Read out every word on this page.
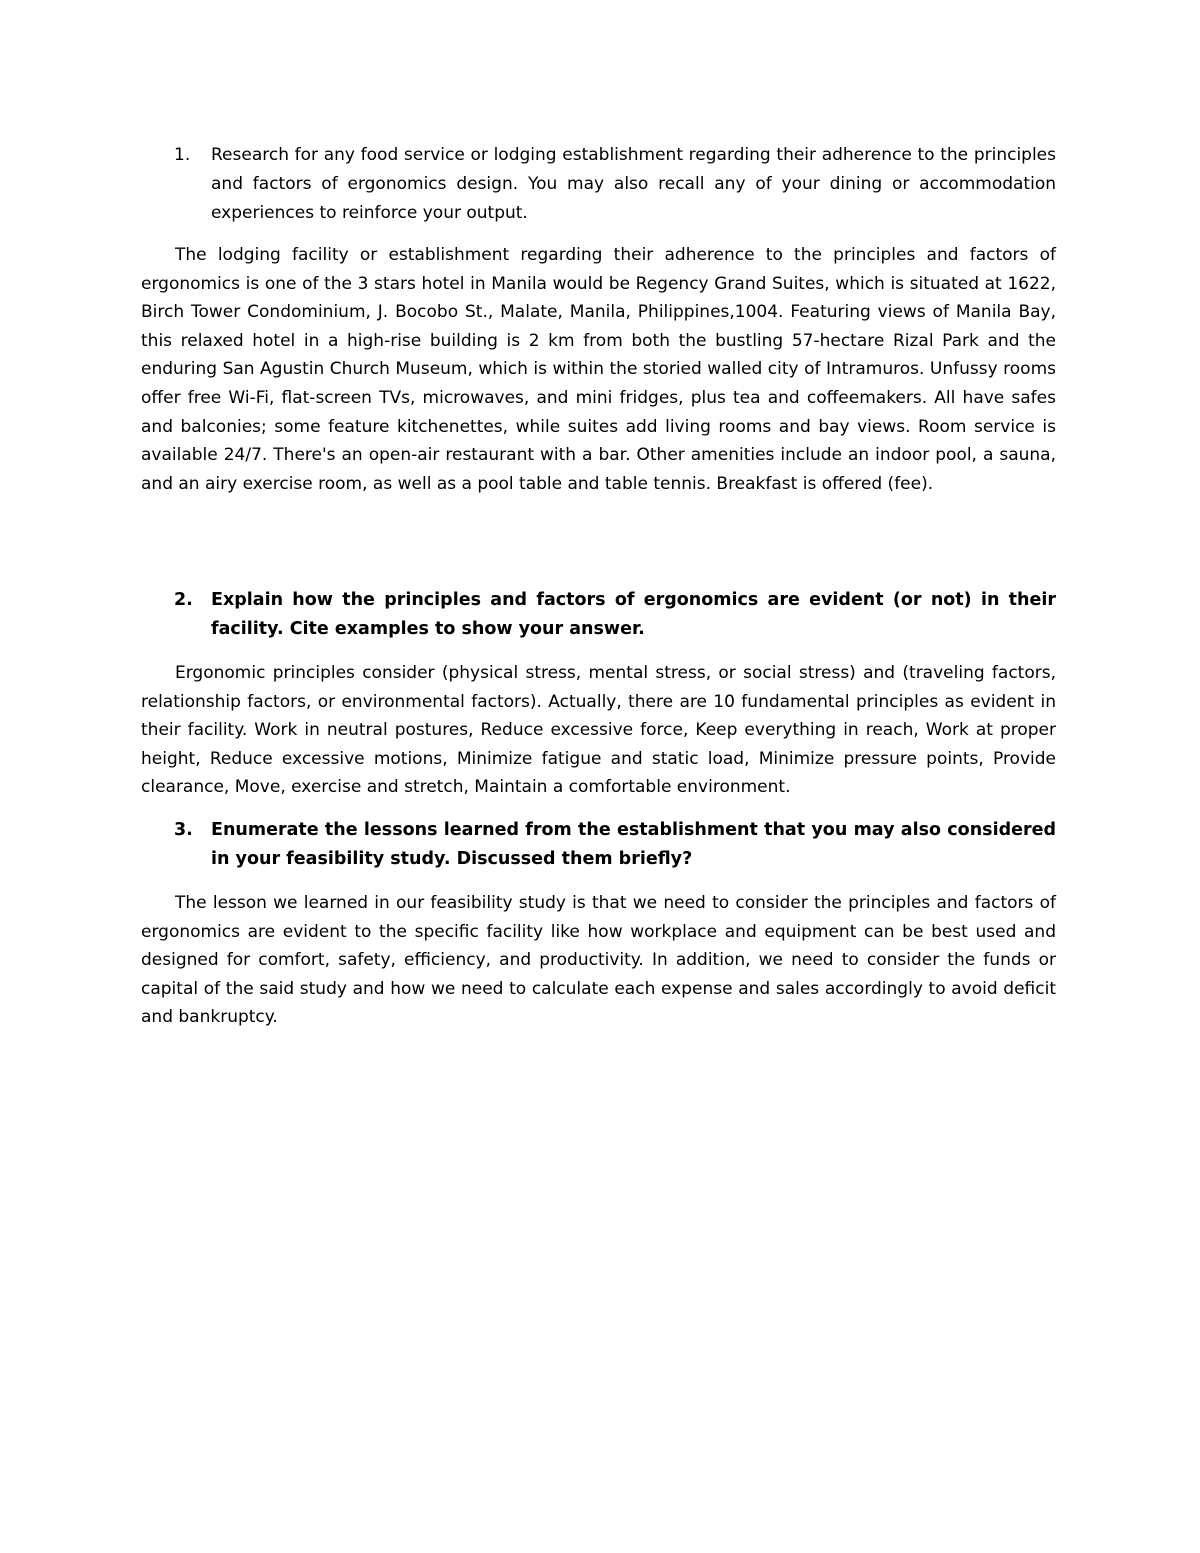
1. Research for any food service or lodging establishment regarding their adherence to the principles and factors of ergonomics design. You may also recall any of your dining or accommodation experiences to reinforce your output.

The lodging facility or establishment regarding their adherence to the principles and factors of ergonomics is one of the 3 stars hotel in Manila would be Regency Grand Suites, which is situated at 1622, Birch Tower Condominium, J. Bocobo St., Malate, Manila, Philippines,1004. Featuring views of Manila Bay, this relaxed hotel in a high-rise building is 2 km from both the bustling 57-hectare Rizal Park and the enduring San Agustin Church Museum, which is within the storied walled city of Intramuros. Unfussy rooms offer free Wi-Fi, flat-screen TVs, microwaves, and mini fridges, plus tea and coffeemakers. All have safes and balconies; some feature kitchenettes, while suites add living rooms and bay views. Room service is available 24/7. There's an open-air restaurant with a bar. Other amenities include an indoor pool, a sauna, and an airy exercise room, as well as a pool table and table tennis. Breakfast is offered (fee).

2. Explain how the principles and factors of ergonomics are evident (or not) in their facility. Cite examples to show your answer.

Ergonomic principles consider (physical stress, mental stress, or social stress) and (traveling factors, relationship factors, or environmental factors). Actually, there are 10 fundamental principles as evident in their facility. Work in neutral postures, Reduce excessive force, Keep everything in reach, Work at proper height, Reduce excessive motions, Minimize fatigue and static load, Minimize pressure points, Provide clearance, Move, exercise and stretch, Maintain a comfortable environment.

3. Enumerate the lessons learned from the establishment that you may also considered in your feasibility study. Discussed them briefly?

The lesson we learned in our feasibility study is that we need to consider the principles and factors of ergonomics are evident to the specific facility like how workplace and equipment can be best used and designed for comfort, safety, efficiency, and productivity. In addition, we need to consider the funds or capital of the said study and how we need to calculate each expense and sales accordingly to avoid deficit and bankruptcy.
